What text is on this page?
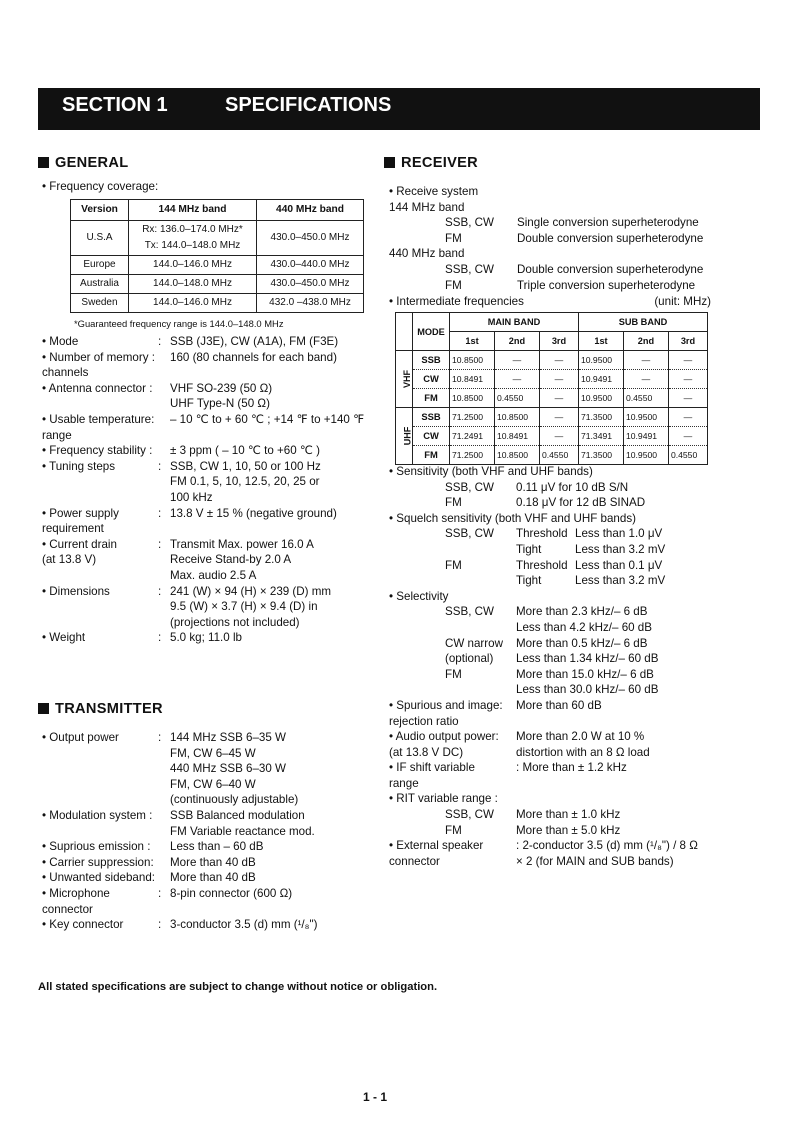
SECTION 1	SPECIFICATIONS
GENERAL
• Frequency coverage:
Version	144 MHz band	440 MHz band
U.S.A	Rx: 136.0–174.0 MHz*	430.0–450.0 MHz
	Tx: 144.0–148.0 MHz	
Europe	144.0–146.0 MHz	430.0–440.0 MHz
Australia	144.0–148.0 MHz	430.0–450.0 MHz
Sweden	144.0–146.0 MHz	432.0 –438.0 MHz
*Guaranteed frequency range is 144.0–148.0 MHz
• Mode	: SSB (J3E), CW (A1A), FM (F3E)
• Number of memory : 160 (80 channels for each band)
channels
• Antenna connector : VHF SO-239 (50 Ω)
UHF Type-N (50 Ω)
• Usable temperature: – 10 ℃ to + 60 ℃ ; +14 ℉ to +140 ℉
range
• Frequency stability : ± 3 ppm ( – 10 ℃ to +60 ℃ )
• Tuning steps	: SSB, CW 1, 10, 50 or 100 Hz
FM 0.1, 5, 10, 12.5, 20, 25 or
100 kHz
• Power supply	: 13.8 V ± 15 % (negative ground)
requirement
• Current drain	: Transmit Max. power 16.0 A
(at 13.8 V)	Receive Stand-by 2.0 A
Max. audio 2.5 A
• Dimensions	: 241 (W) × 94 (H) × 239 (D) mm
9.5 (W) × 3.7 (H) × 9.4 (D) in
(projections not included)
• Weight	: 5.0 kg; 11.0 lb
TRANSMITTER
• Output power	: 144 MHz SSB 6–35 W
FM, CW 6–45 W
440 MHz SSB 6–30 W
FM, CW 6–40 W
(continuously adjustable)
• Modulation system : SSB Balanced modulation
FM Variable reactance mod.
• Suprious emission : Less than – 60 dB
• Carrier suppression: More than 40 dB
• Unwanted sideband: More than 40 dB
• Microphone	: 8-pin connector (600 Ω)
connector
• Key connector	: 3-conductor 3.5 (d) mm (¹/₈")
RECEIVER
• Receive system
144 MHz band
SSB, CW Single conversion superheterodyne
FM	Double conversion superheterodyne
440 MHz band
SSB, CW Double conversion superheterodyne
FM	Triple conversion superheterodyne
• Intermediate frequencies	(unit: MHz)
	MODE	MAIN BAND			SUB BAND		
		1st	2nd	3rd	1st	2nd	3rd

VHF	SSB	10.8500	—	—	10.9500	—	—
	CW	10.8491	—	—	10.9491	—	—
	FM	10.8500	0.4550	—	10.9500	0.4550	—

UHF	SSB	71.2500	10.8500	—	71.3500	10.9500	—
	CW	71.2491	10.8491	—	71.3491	10.9491	—
	FM	71.2500	10.8500	0.4550	71.3500	10.9500	0.4550
• Sensitivity (both VHF and UHF bands)
SSB, CW 0.11 μV for 10 dB S/N
FM	0.18 μV for 12 dB SINAD
• Squelch sensitivity (both VHF and UHF bands)
SSB, CW Threshold Less than 1.0 μV
Tight	Less than 3.2 mV
FM	Threshold Less than 0.1 μV
Tight	Less than 3.2 mV
• Selectivity
SSB, CW More than 2.3 kHz/– 6 dB
Less than 4.2 kHz/– 60 dB
CW narrow More than 0.5 kHz/– 6 dB
(optional) Less than 1.34 kHz/– 60 dB
FM	More than 15.0 kHz/– 6 dB
Less than 30.0 kHz/– 60 dB
• Spurious and image: More than 60 dB
rejection ratio
• Audio output power: More than 2.0 W at 10 %
(at 13.8 V DC)	distortion with an 8 Ω load
• IF shift variable	: More than ± 1.2 kHz
range
• RIT variable range :
SSB, CW More than ± 1.0 kHz
FM	More than ± 5.0 kHz
• External speaker	: 2-conductor 3.5 (d) mm (¹/₈") / 8 Ω
connector	× 2 (for MAIN and SUB bands)
All stated specifications are subject to change without notice or obligation.
1 - 1
